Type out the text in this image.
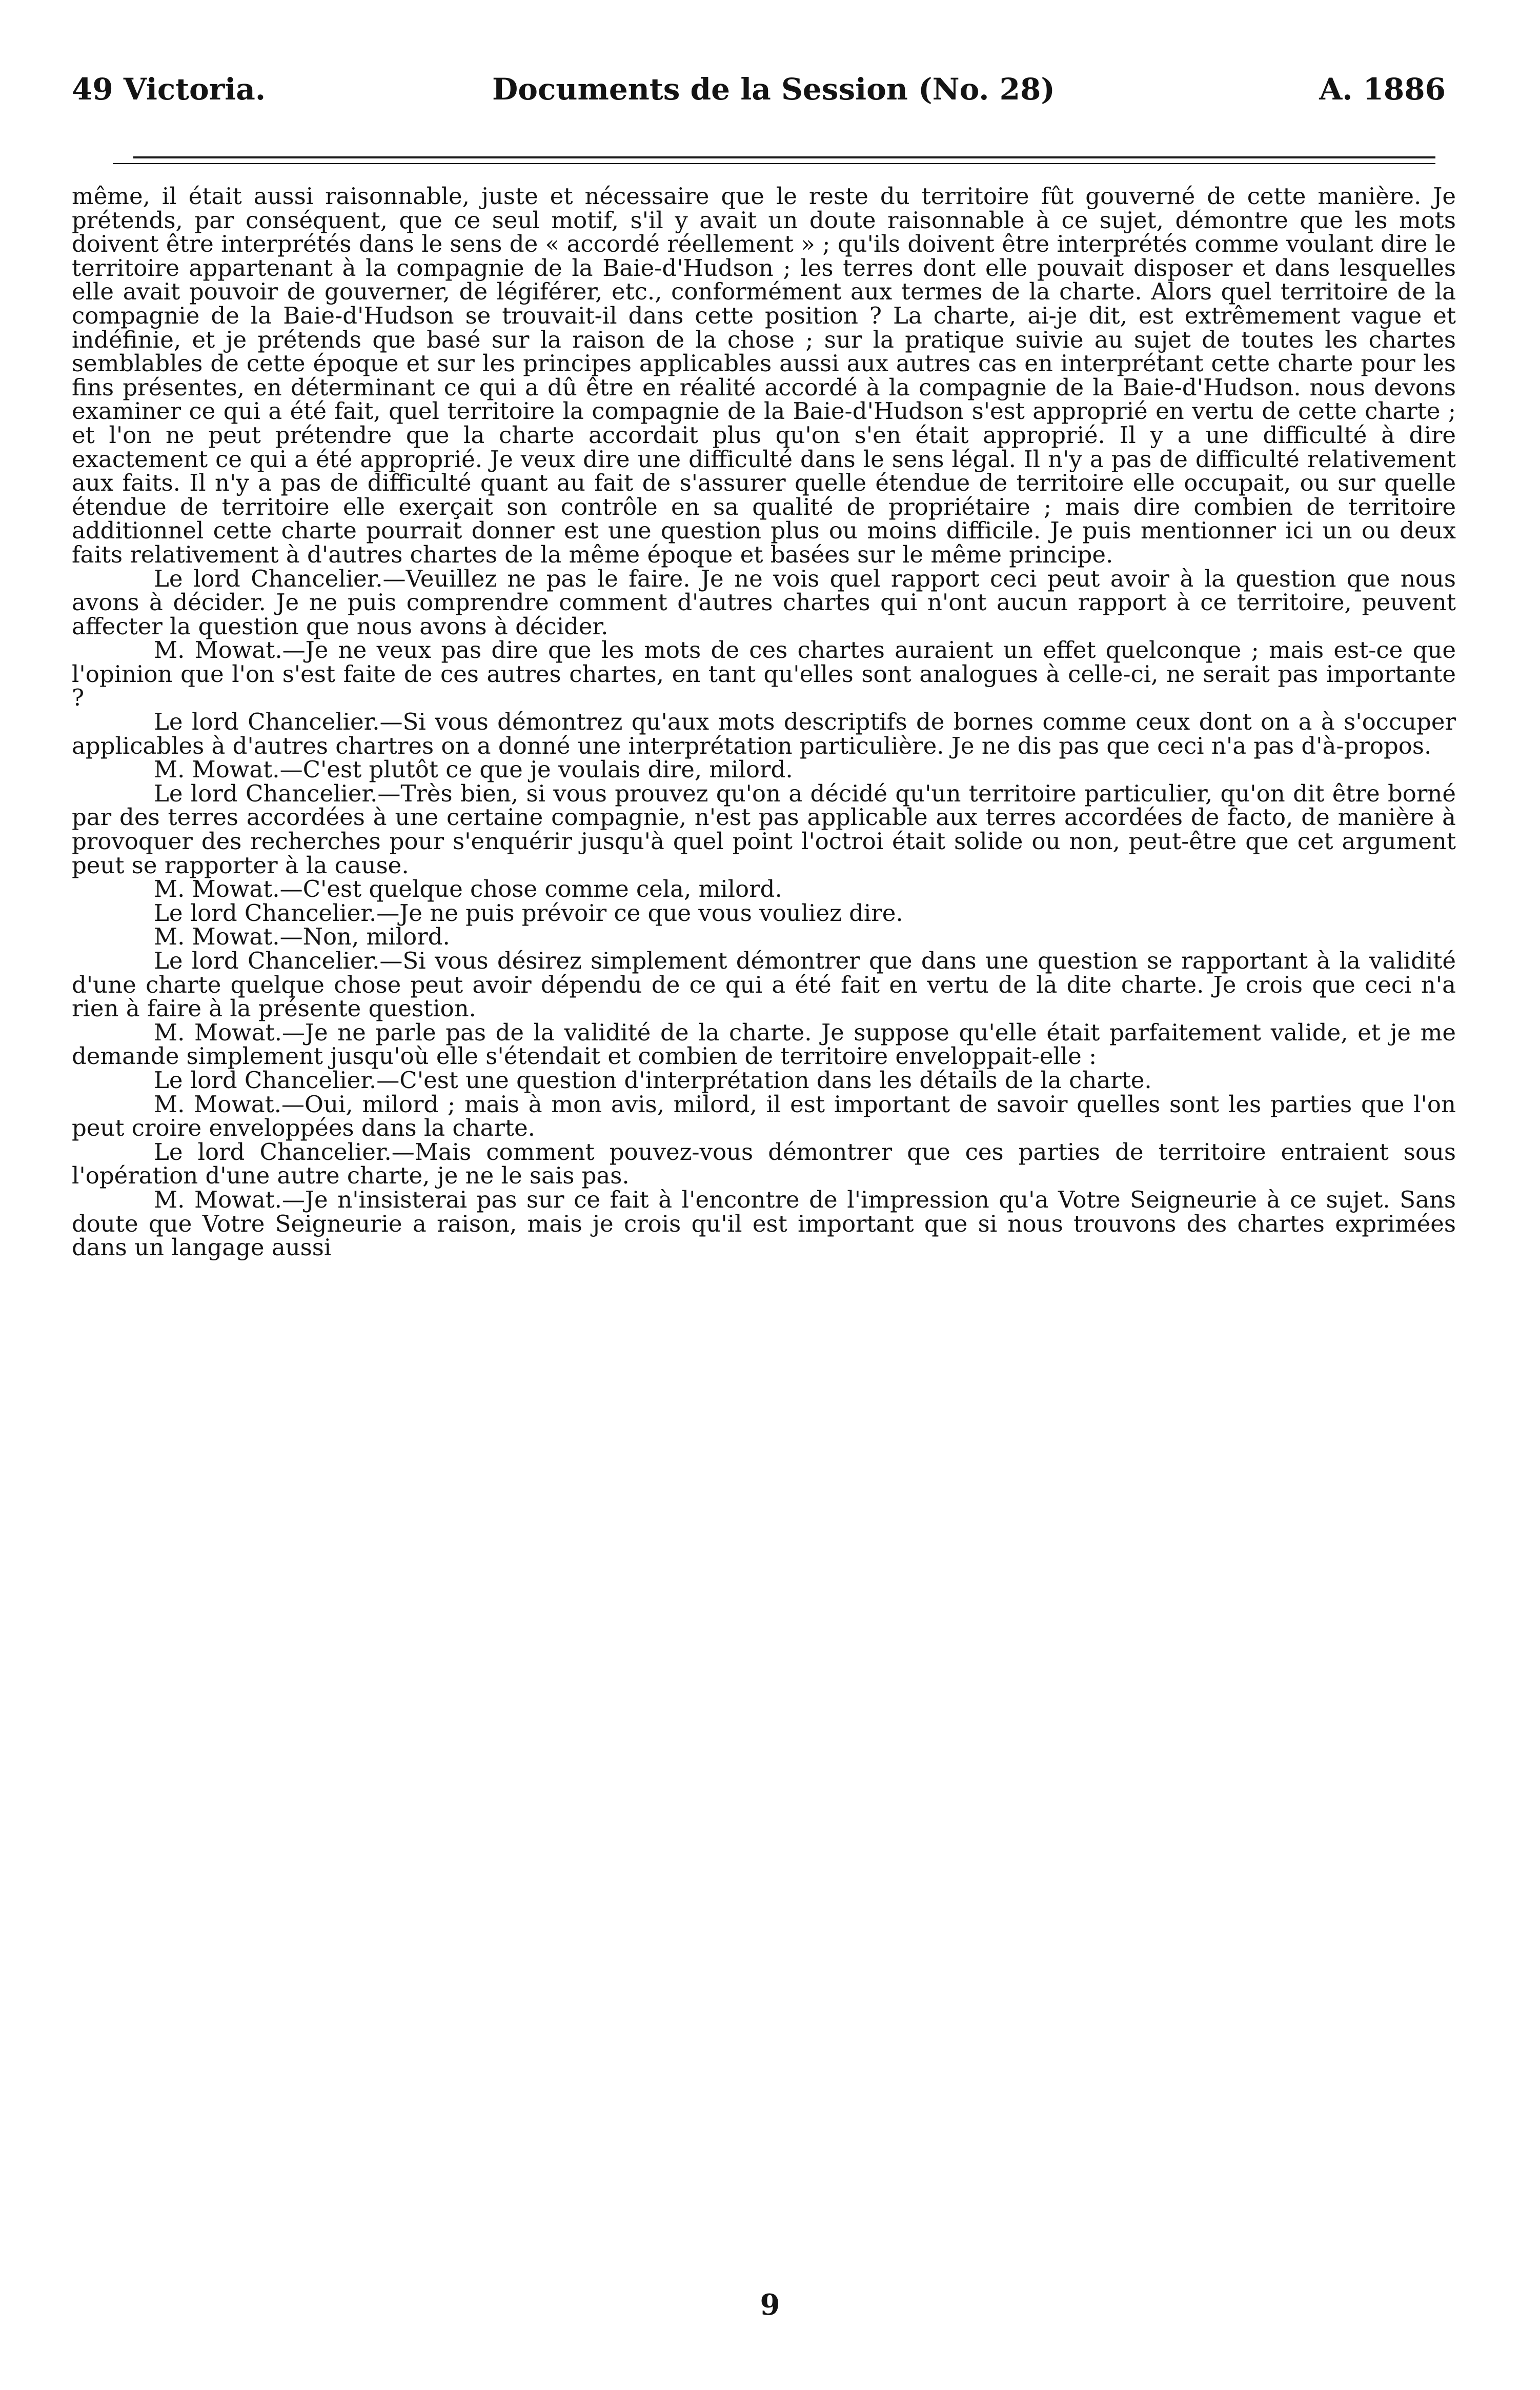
49 Victoria.	Documents de la Session (No. 28)	A. 1886

même, il était aussi raisonnable, juste et nécessaire que le reste du territoire fût gouverné de cette manière. Je prétends, par conséquent, que ce seul motif, s'il y avait un doute raisonnable à ce sujet, démontre que les mots doivent être interprétés dans le sens de « accordé réellement » ; qu'ils doivent être interprétés comme voulant dire le territoire appartenant à la compagnie de la Baie-d'Hudson ; les terres dont elle pouvait disposer et dans lesquelles elle avait pouvoir de gouverner, de légiférer, etc., conformément aux termes de la charte. Alors quel territoire de la compagnie de la Baie-d'Hudson se trouvait-il dans cette position ? La charte, ai-je dit, est extrêmement vague et indéfinie, et je prétends que basé sur la raison de la chose ; sur la pratique suivie au sujet de toutes les chartes semblables de cette époque et sur les principes applicables aussi aux autres cas en interprétant cette charte pour les fins présentes, en déterminant ce qui a dû être en réalité accordé à la compagnie de la Baie-d'Hudson. nous devons examiner ce qui a été fait, quel territoire la compagnie de la Baie-d'Hudson s'est approprié en vertu de cette charte ; et l'on ne peut prétendre que la charte accordait plus qu'on s'en était approprié. Il y a une difficulté à dire exactement ce qui a été approprié. Je veux dire une difficulté dans le sens légal. Il n'y a pas de difficulté relativement aux faits. Il n'y a pas de difficulté quant au fait de s'assurer quelle étendue de territoire elle occupait, ou sur quelle étendue de territoire elle exerçait son contrôle en sa qualité de propriétaire ; mais dire combien de territoire additionnel cette charte pourrait donner est une question plus ou moins difficile. Je puis mentionner ici un ou deux faits relativement à d'autres chartes de la même époque et basées sur le même principe.

Le lord Chancelier.—Veuillez ne pas le faire. Je ne vois quel rapport ceci peut avoir à la question que nous avons à décider. Je ne puis comprendre comment d'autres chartes qui n'ont aucun rapport à ce territoire, peuvent affecter la question que nous avons à décider.

M. Mowat.—Je ne veux pas dire que les mots de ces chartes auraient un effet quelconque ; mais est-ce que l'opinion que l'on s'est faite de ces autres chartes, en tant qu'elles sont analogues à celle-ci, ne serait pas importante ?

Le lord Chancelier.—Si vous démontrez qu'aux mots descriptifs de bornes comme ceux dont on a à s'occuper applicables à d'autres chartres on a donné une interprétation particulière. Je ne dis pas que ceci n'a pas d'à-propos.

M. Mowat.—C'est plutôt ce que je voulais dire, milord.

Le lord Chancelier.—Très bien, si vous prouvez qu'on a décidé qu'un territoire particulier, qu'on dit être borné par des terres accordées à une certaine compagnie, n'est pas applicable aux terres accordées de facto, de manière à provoquer des recherches pour s'enquérir jusqu'à quel point l'octroi était solide ou non, peut-être que cet argument peut se rapporter à la cause.

M. Mowat.—C'est quelque chose comme cela, milord.

Le lord Chancelier.—Je ne puis prévoir ce que vous vouliez dire.

M. Mowat.—Non, milord.

Le lord Chancelier.—Si vous désirez simplement démontrer que dans une question se rapportant à la validité d'une charte quelque chose peut avoir dépendu de ce qui a été fait en vertu de la dite charte. Je crois que ceci n'a rien à faire à la présente question.

M. Mowat.—Je ne parle pas de la validité de la charte. Je suppose qu'elle était parfaitement valide, et je me demande simplement jusqu'où elle s'étendait et combien de territoire enveloppait-elle :

Le lord Chancelier.—C'est une question d'interprétation dans les détails de la charte.

M. Mowat.—Oui, milord ; mais à mon avis, milord, il est important de savoir quelles sont les parties que l'on peut croire enveloppées dans la charte.

Le lord Chancelier.—Mais comment pouvez-vous démontrer que ces parties de territoire entraient sous l'opération d'une autre charte, je ne le sais pas.

M. Mowat.—Je n'insisterai pas sur ce fait à l'encontre de l'impression qu'a Votre Seigneurie à ce sujet. Sans doute que Votre Seigneurie a raison, mais je crois qu'il est important que si nous trouvons des chartes exprimées dans un langage aussi

9
